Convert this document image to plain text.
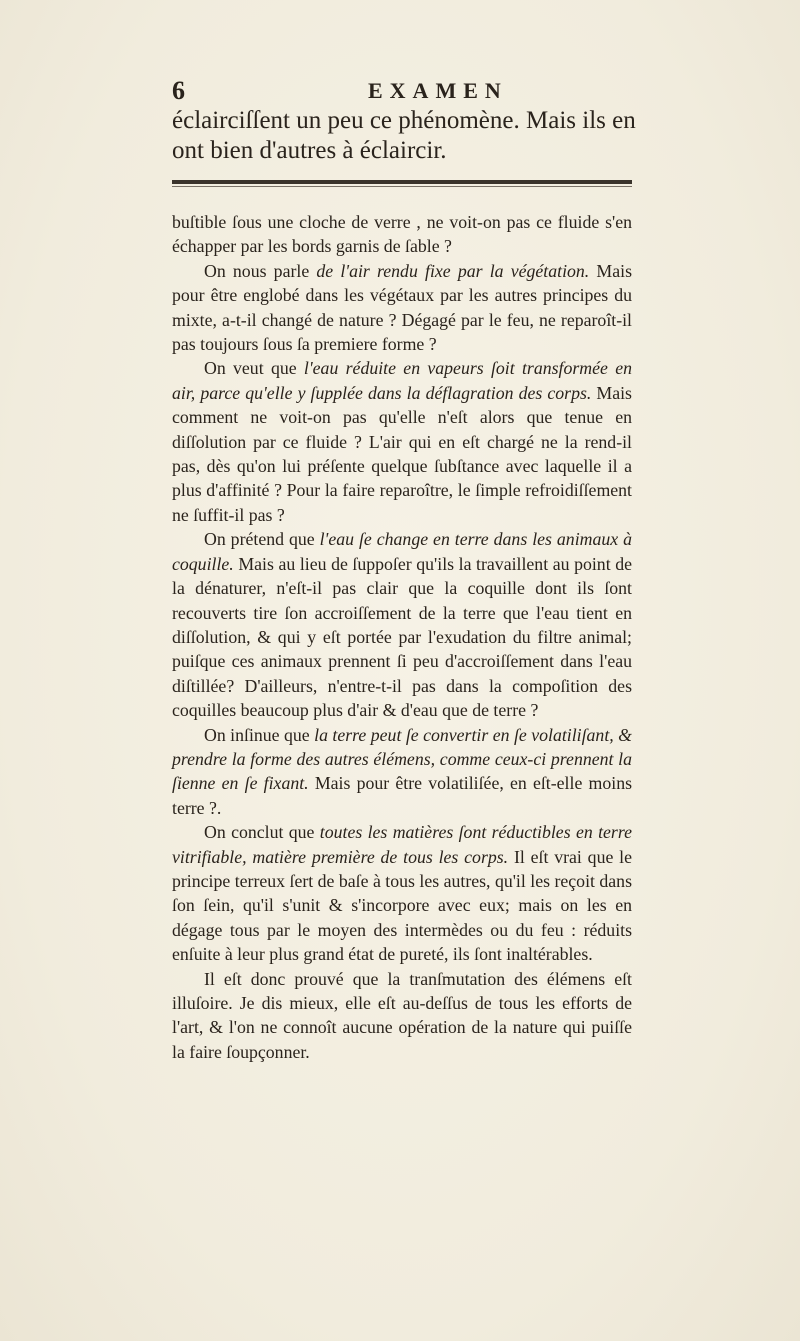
6	EXAMEN
éclairciſſent un peu ce phénomène. Mais ils en
ont bien d'autres à éclaircir.

buſtible ſous une cloche de verre , ne voit-on pas ce fluide s'en échapper par les bords garnis de ſable ?

On nous parle de l'air rendu fixe par la végétation. Mais pour être englobé dans les végétaux par les autres principes du mixte, a-t-il changé de nature ? Dégagé par le feu, ne reparoît-il pas toujours ſous ſa premiere forme ?

On veut que l'eau réduite en vapeurs ſoit transformée en air, parce qu'elle y ſupplée dans la déflagration des corps. Mais comment ne voit-on pas qu'elle n'eſt alors que tenue en diſſolution par ce fluide ? L'air qui en eſt chargé ne la rend-il pas, dès qu'on lui préſente quelque ſubſtance avec laquelle il a plus d'affinité ? Pour la faire reparoître, le ſimple refroidiſſement ne ſuffit-il pas ?

On prétend que l'eau ſe change en terre dans les animaux à coquille. Mais au lieu de ſuppoſer qu'ils la travaillent au point de la dénaturer, n'eſt-il pas clair que la coquille dont ils ſont recouverts tire ſon accroiſſement de la terre que l'eau tient en diſſolution, & qui y eſt portée par l'exudation du filtre animal; puiſque ces animaux prennent ſi peu d'accroiſſement dans l'eau diſtillée? D'ailleurs, n'entre-t-il pas dans la compoſition des coquilles beaucoup plus d'air & d'eau que de terre ?

On inſinue que la terre peut ſe convertir en ſe volatiliſant, & prendre la forme des autres élémens, comme ceux-ci prennent la ſienne en ſe fixant. Mais pour être volatiliſée, en eſt-elle moins terre ?.

On conclut que toutes les matières ſont réductibles en terre vitrifiable, matière première de tous les corps. Il eſt vrai que le principe terreux ſert de baſe à tous les autres, qu'il les reçoit dans ſon ſein, qu'il s'unit & s'incorpore avec eux; mais on les en dégage tous par le moyen des intermèdes ou du feu : réduits enſuite à leur plus grand état de pureté, ils ſont inaltérables.

Il eſt donc prouvé que la tranſmutation des élémens eſt illuſoire. Je dis mieux, elle eſt au-deſſus de tous les efforts de l'art, & l'on ne connoît aucune opération de la nature qui puiſſe la faire ſoupçonner.
